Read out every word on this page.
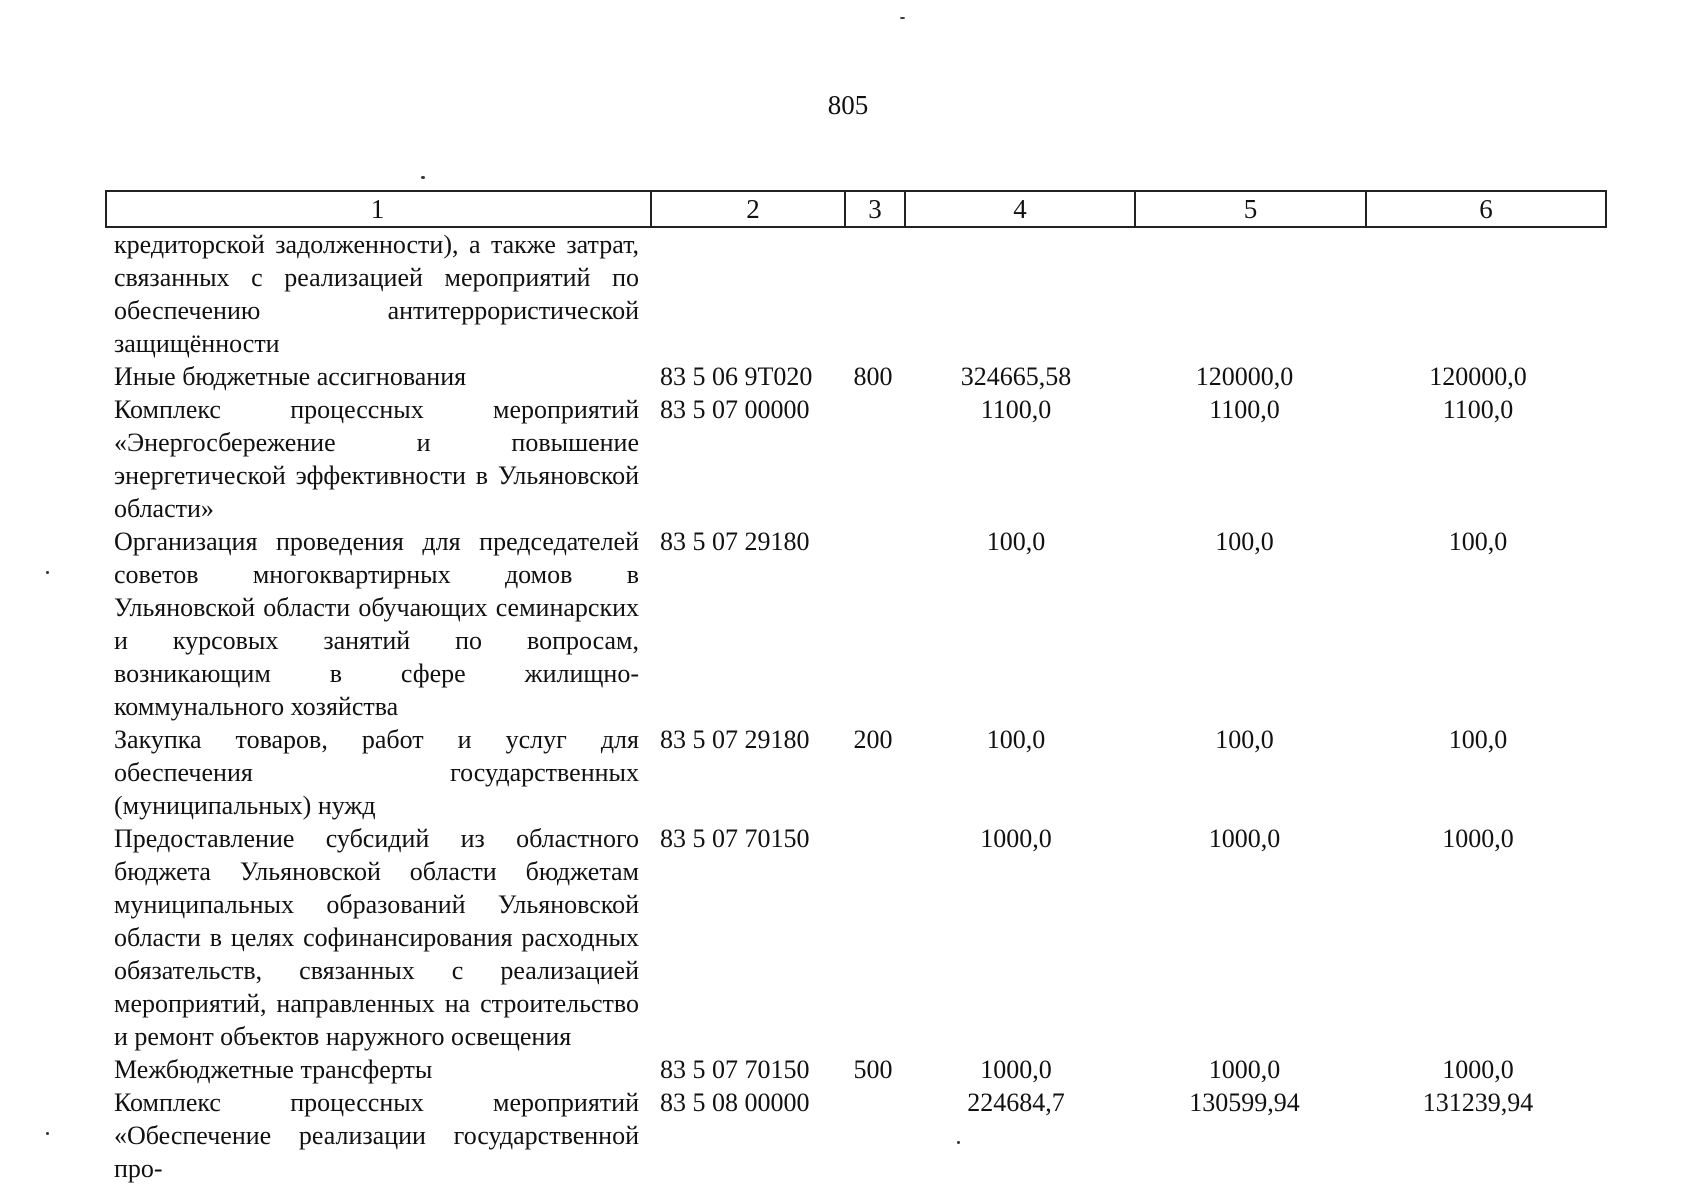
805
1	2	3	4	5	6
кредиторской задолженности), а также затрат, связанных с реализацией мероприятий по обеспечению антитеррористической защищённости					
Иные бюджетные ассигнования	83 5 06 9Т020	800	324665,58	120000,0	120000,0
Комплекс процессных мероприятий «Энергосбережение и повышение энергетической эффективности в Ульяновской области»	83 5 07 00000		1100,0	1100,0	1100,0
Организация проведения для председателей советов многоквартирных домов в Ульяновской области обучающих семинарских и курсовых занятий по вопросам, возникающим в сфере жилищно-коммунального хозяйства	83 5 07 29180		100,0	100,0	100,0
Закупка товаров, работ и услуг для обеспечения государственных (муниципальных) нужд	83 5 07 29180	200	100,0	100,0	100,0
Предоставление субсидий из областного бюджета Ульяновской области бюджетам муниципальных образований Ульяновской области в целях софинансирования расходных обязательств, связанных с реализацией мероприятий, направленных на строительство и ремонт объектов наружного освещения	83 5 07 70150		1000,0	1000,0	1000,0
Межбюджетные трансферты	83 5 07 70150	500	1000,0	1000,0	1000,0
Комплекс процессных мероприятий «Обеспечение реализации государственной про-	83 5 08 00000		224684,7	130599,94	131239,94
